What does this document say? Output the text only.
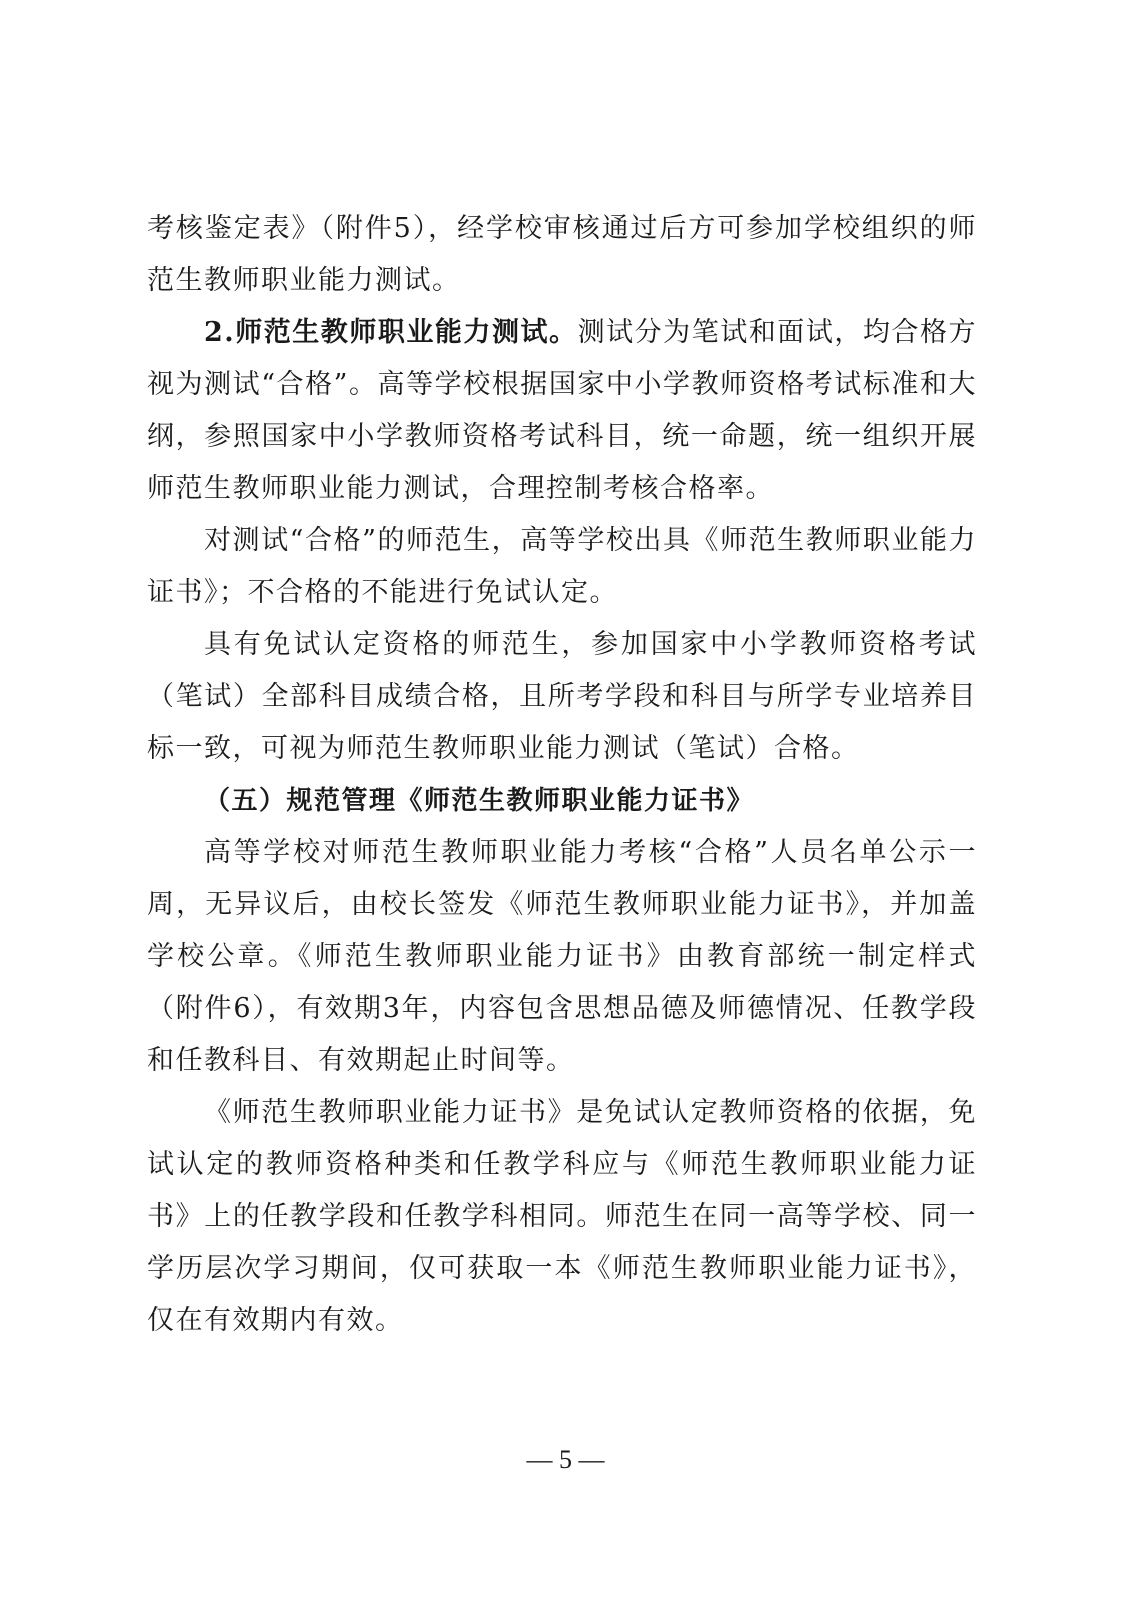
考核鉴定表》（附件5），经学校审核通过后方可参加学校组织的师范生教师职业能力测试。

2.师范生教师职业能力测试。测试分为笔试和面试，均合格方视为测试“合格”。高等学校根据国家中小学教师资格考试标准和大纲，参照国家中小学教师资格考试科目，统一命题，统一组织开展师范生教师职业能力测试，合理控制考核合格率。

对测试“合格”的师范生，高等学校出具《师范生教师职业能力证书》；不合格的不能进行免试认定。

具有免试认定资格的师范生，参加国家中小学教师资格考试（笔试）全部科目成绩合格，且所考学段和科目与所学专业培养目标一致，可视为师范生教师职业能力测试（笔试）合格。

（五）规范管理《师范生教师职业能力证书》

高等学校对师范生教师职业能力考核“合格”人员名单公示一周，无异议后，由校长签发《师范生教师职业能力证书》，并加盖学校公章。《师范生教师职业能力证书》由教育部统一制定样式（附件6），有效期3年，内容包含思想品德及师德情况、任教学段和任教科目、有效期起止时间等。

《师范生教师职业能力证书》是免试认定教师资格的依据，免试认定的教师资格种类和任教学科应与《师范生教师职业能力证书》上的任教学段和任教学科相同。师范生在同一高等学校、同一学历层次学习期间，仅可获取一本《师范生教师职业能力证书》，仅在有效期内有效。

— 5 —
